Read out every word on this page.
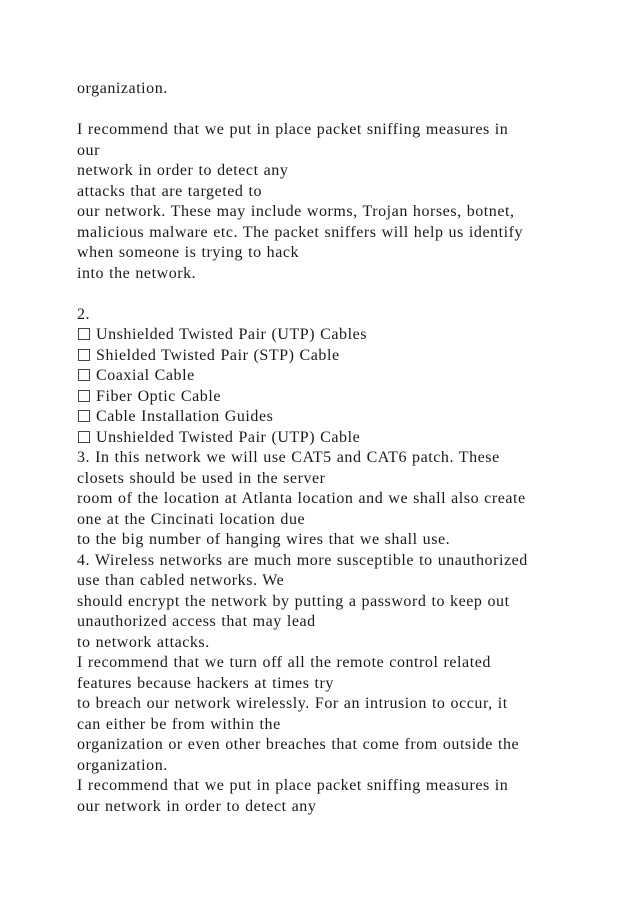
organization.
I recommend that we put in place packet sniffing measures in
our
network in order to detect any
attacks that are targeted to
our network. These may include worms, Trojan horses, botnet,
malicious malware etc. The packet sniffers will help us identify
when someone is trying to hack
into the network.
2.
Unshielded Twisted Pair (UTP) Cables
Shielded Twisted Pair (STP) Cable
Coaxial Cable
Fiber Optic Cable
Cable Installation Guides
Unshielded Twisted Pair (UTP) Cable
3. In this network we will use CAT5 and CAT6 patch. These
closets should be used in the server
room of the location at Atlanta location and we shall also create
one at the Cincinati location due
to the big number of hanging wires that we shall use.
4. Wireless networks are much more susceptible to unauthorized
use than cabled networks. We
should encrypt the network by putting a password to keep out
unauthorized access that may lead
to network attacks.
I recommend that we turn off all the remote control related
features because hackers at times try
to breach our network wirelessly. For an intrusion to occur, it
can either be from within the
organization or even other breaches that come from outside the
organization.
I recommend that we put in place packet sniffing measures in
our network in order to detect any
